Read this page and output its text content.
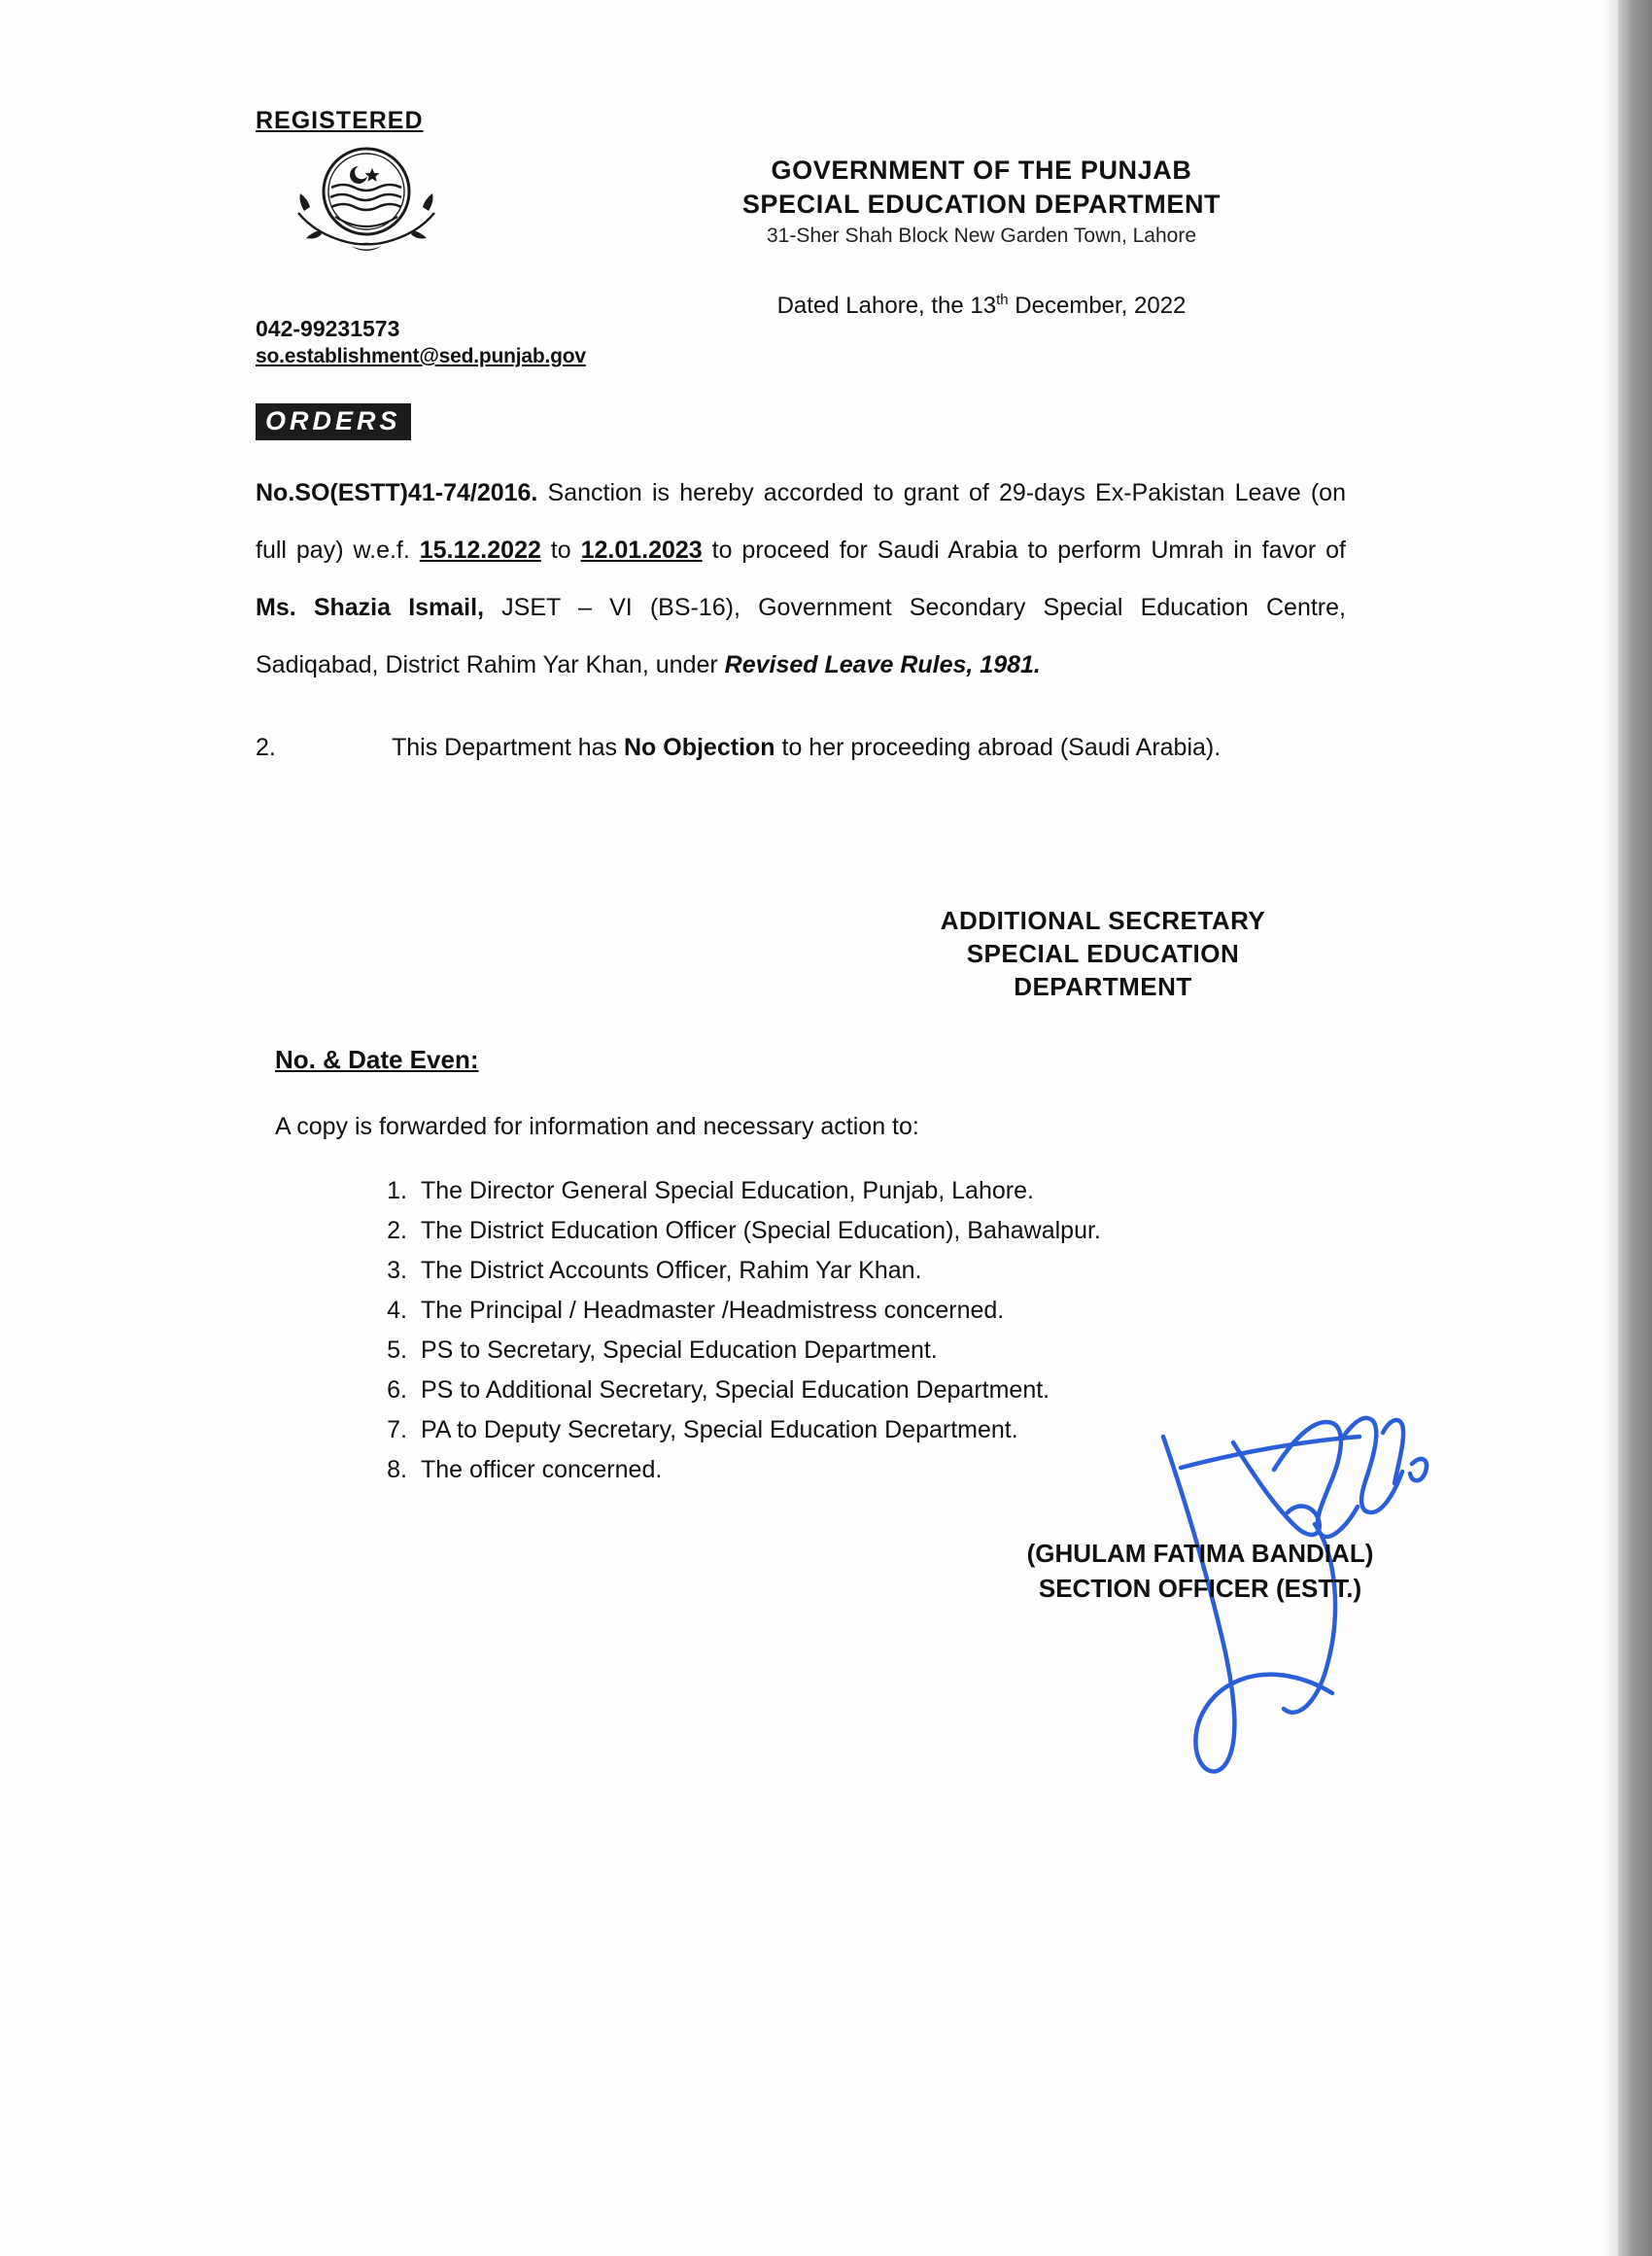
REGISTERED
042-99231573
so.establishment@sed.punjab.gov
GOVERNMENT OF THE PUNJAB
SPECIAL EDUCATION DEPARTMENT
31-Sher Shah Block New Garden Town, Lahore
Dated Lahore, the 13th December, 2022
ORDERS
No.SO(ESTT)41-74/2016. Sanction is hereby accorded to grant of 29-days Ex-Pakistan Leave (on full pay) w.e.f. 15.12.2022 to 12.01.2023 to proceed for Saudi Arabia to perform Umrah in favor of Ms. Shazia Ismail, JSET – VI (BS-16), Government Secondary Special Education Centre, Sadiqabad, District Rahim Yar Khan, under Revised Leave Rules, 1981.
2.	This Department has No Objection to her proceeding abroad (Saudi Arabia).
ADDITIONAL SECRETARY
SPECIAL EDUCATION
DEPARTMENT
No. & Date Even:
A copy is forwarded for information and necessary action to:
1. The Director General Special Education, Punjab, Lahore.
2. The District Education Officer (Special Education), Bahawalpur.
3. The District Accounts Officer, Rahim Yar Khan.
4. The Principal / Headmaster /Headmistress concerned.
5. PS to Secretary, Special Education Department.
6. PS to Additional Secretary, Special Education Department.
7. PA to Deputy Secretary, Special Education Department.
8. The officer concerned.
(GHULAM FATIMA BANDIAL)
SECTION OFFICER (ESTT.)
